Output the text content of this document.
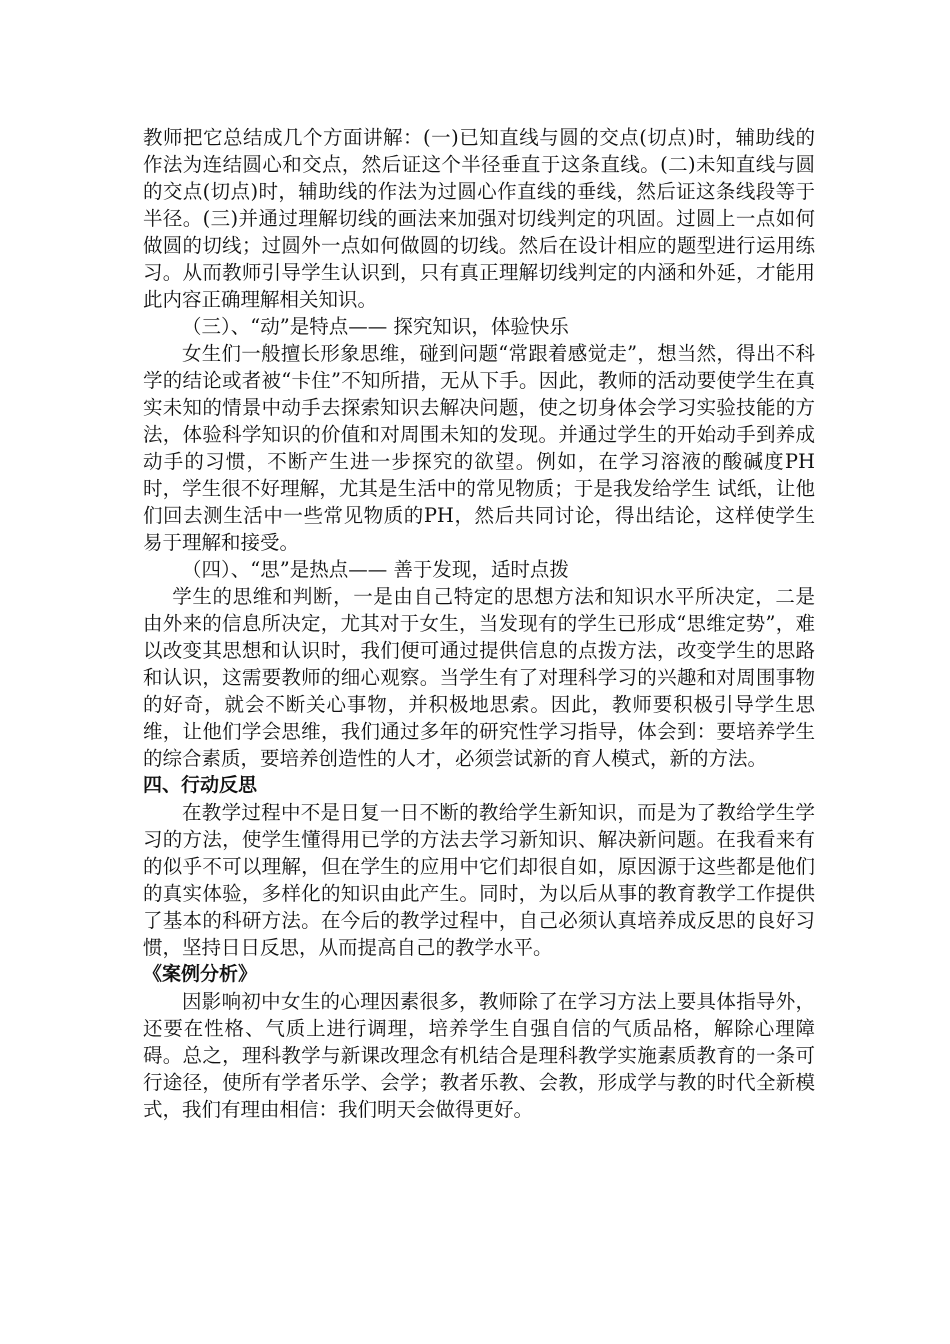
教师把它总结成几个方面讲解：(一)已知直线与圆的交点(切点)时，辅助线的作法为连结圆心和交点，然后证这个半径垂直于这条直线。(二)未知直线与圆的交点(切点)时，辅助线的作法为过圆心作直线的垂线，然后证这条线段等于半径。(三)并通过理解切线的画法来加强对切线判定的巩固。过圆上一点如何做圆的切线；过圆外一点如何做圆的切线。然后在设计相应的题型进行运用练习。从而教师引导学生认识到，只有真正理解切线判定的内涵和外延，才能用此内容正确理解相关知识。

（三）、“动”是特点—— 探究知识，体验快乐

女生们一般擅长形象思维，碰到问题“常跟着感觉走”，想当然，得出不科学的结论或者被“卡住”不知所措，无从下手。因此，教师的活动要使学生在真实未知的情景中动手去探索知识去解决问题，使之切身体会学习实验技能的方法，体验科学知识的价值和对周围未知的发现。并通过学生的开始动手到养成动手的习惯，不断产生进一步探究的欲望。例如，在学习溶液的酸碱度PH时，学生很不好理解，尤其是生活中的常见物质；于是我发给学生 试纸，让他们回去测生活中一些常见物质的PH，然后共同讨论，得出结论，这样使学生易于理解和接受。

（四）、“思”是热点—— 善于发现，适时点拨

学生的思维和判断，一是由自己特定的思想方法和知识水平所决定，二是由外来的信息所决定，尤其对于女生，当发现有的学生已形成“思维定势”，难以改变其思想和认识时，我们便可通过提供信息的点拨方法，改变学生的思路和认识，这需要教师的细心观察。当学生有了对理科学习的兴趣和对周围事物的好奇，就会不断关心事物，并积极地思索。因此，教师要积极引导学生思维，让他们学会思维，我们通过多年的研究性学习指导，体会到：要培养学生的综合素质，要培养创造性的人才，必须尝试新的育人模式，新的方法。

四、行动反思

在教学过程中不是日复一日不断的教给学生新知识，而是为了教给学生学习的方法，使学生懂得用已学的方法去学习新知识、解决新问题。在我看来有的似乎不可以理解，但在学生的应用中它们却很自如，原因源于这些都是他们的真实体验，多样化的知识由此产生。同时，为以后从事的教育教学工作提供了基本的科研方法。在今后的教学过程中，自己必须认真培养成反思的良好习惯，坚持日日反思，从而提高自己的教学水平。

《案例分析》

因影响初中女生的心理因素很多，教师除了在学习方法上要具体指导外，还要在性格、气质上进行调理，培养学生自强自信的气质品格，解除心理障碍。总之，理科教学与新课改理念有机结合是理科教学实施素质教育的一条可行途径，使所有学者乐学、会学；教者乐教、会教，形成学与教的时代全新模式，我们有理由相信：我们明天会做得更好。
